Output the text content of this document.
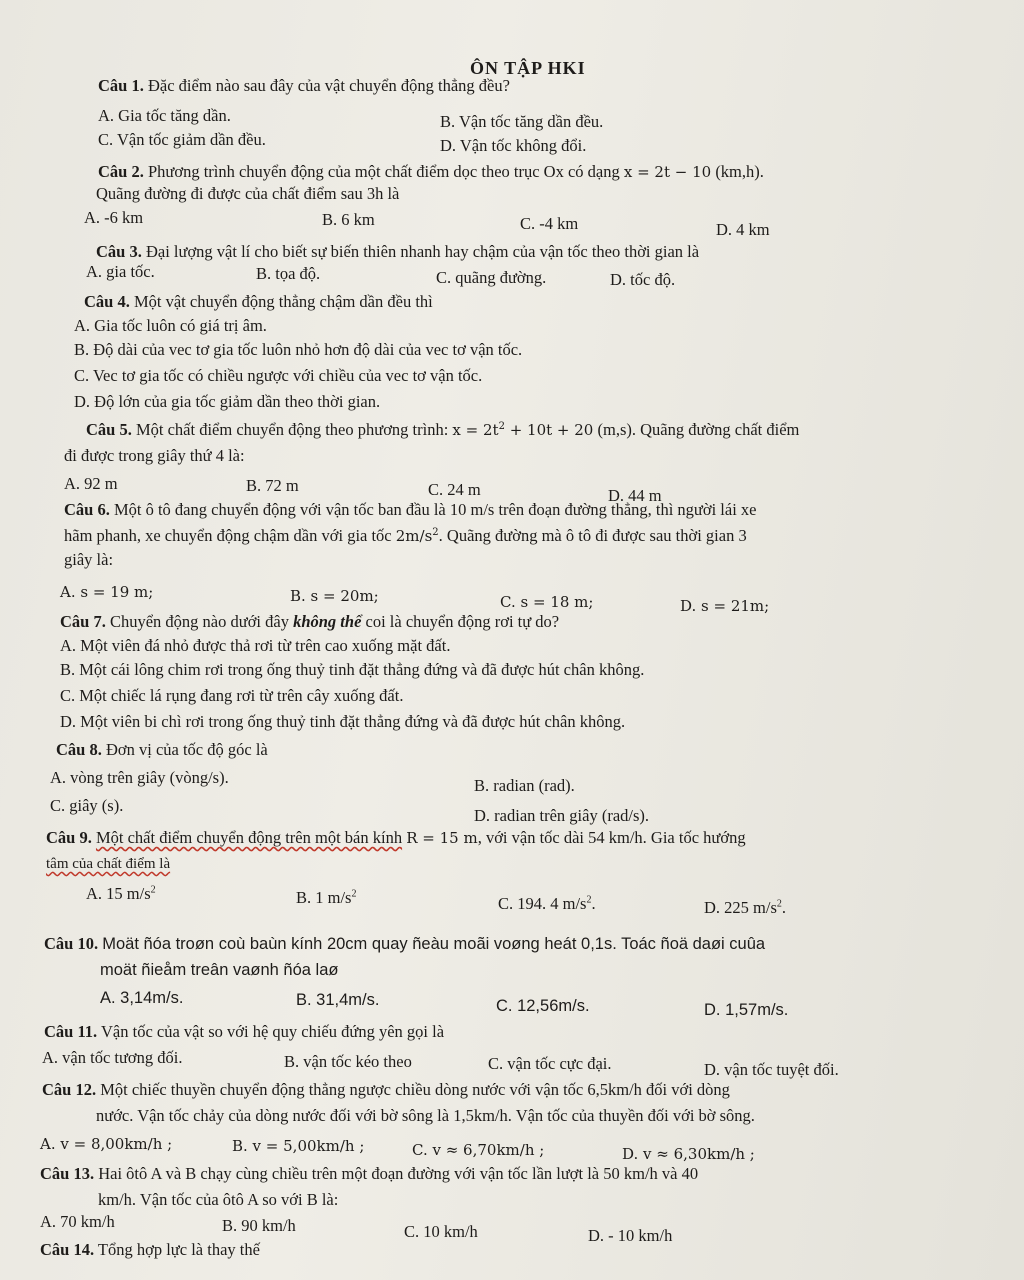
ÔN TẬP HKI
Câu 1. Đặc điểm nào sau đây của vật chuyển động thẳng đều?
A. Gia tốc tăng dần.	B. Vận tốc tăng dần đều.
C. Vận tốc giảm dần đều.	D. Vận tốc không đổi.
Câu 2. Phương trình chuyển động của một chất điểm dọc theo trục Ox có dạng x = 2t − 10 (km,h).
Quãng đường đi được của chất điểm sau 3h là
A. -6 km	B. 6 km	C. -4 km	D. 4 km
Câu 3. Đại lượng vật lí cho biết sự biến thiên nhanh hay chậm của vận tốc theo thời gian là
A. gia tốc.	B. tọa độ.	C. quãng đường.	D. tốc độ.
Câu 4. Một vật chuyển động thẳng chậm dần đều thì
A. Gia tốc luôn có giá trị âm.
B. Độ dài của vec tơ gia tốc luôn nhỏ hơn độ dài của vec tơ vận tốc.
C. Vec tơ gia tốc có chiều ngược với chiều của vec tơ vận tốc.
D. Độ lớn của gia tốc giảm dần theo thời gian.
Câu 5. Một chất điểm chuyển động theo phương trình: $x = 2t^2 + 10t + 20$ (m,s). Quãng đường chất điểm
đi được trong giây thứ 4 là:
A. 92 m	B. 72 m	C. 24 m	D. 44 m
Câu 6. Một ô tô đang chuyển động với vận tốc ban đầu là 10 m/s trên đoạn đường thẳng, thì người lái xe
hãm phanh, xe chuyển động chậm dần với gia tốc $2m/s^2$. Quãng đường mà ô tô đi được sau thời gian 3
giây là:
A. s = 19 m;	B. s = 20m;	C. s = 18 m;	D. s = 21m;
Câu 7. Chuyển động nào dưới đây không thể coi là chuyển động rơi tự do?
A. Một viên đá nhỏ được thả rơi từ trên cao xuống mặt đất.
B. Một cái lông chim rơi trong ống thuỷ tinh đặt thẳng đứng và đã được hút chân không.
C. Một chiếc lá rụng đang rơi từ trên cây xuống đất.
D. Một viên bi chì rơi trong ống thuỷ tinh đặt thẳng đứng và đã được hút chân không.
Câu 8. Đơn vị của tốc độ góc là
A. vòng trên giây (vòng/s).	B. radian (rad).
C. giây (s).
D. radian trên giây (rad/s).
Câu 9. Một chất điểm chuyển động trên một bán kính R = 15 m, với vận tốc dài 54 km/h. Gia tốc hướng
tâm của chất điểm là
A. 15 $m/s^2$	B. 1 $m/s^2$	C. 194. 4 $m/s^2$.	D. 225 $m/s^2$.
Câu 10. Moät ñóa troøn coù baùn kính 20cm quay ñeàu moãi voøng heát 0,1s. Toác ñoä daøi cuûa
moät ñieåm treân vaønh ñóa laø
A. 3,14m/s.	B. 31,4m/s.	C. 12,56m/s.	D. 1,57m/s.
Câu 11. Vận tốc của vật so với hệ quy chiếu đứng yên gọi là
A. vận tốc tương đối.	B. vận tốc kéo theo	C. vận tốc cực đại.	D. vận tốc tuyệt đối.
Câu 12. Một chiếc thuyền chuyển động thẳng ngược chiều dòng nước với vận tốc 6,5km/h đối với dòng
nước. Vận tốc chảy của dòng nước đối với bờ sông là 1,5km/h. Vận tốc của thuyền đối với bờ sông.
A. v = 8,00km/h ;	B. v = 5,00km/h ;	C. v ≈ 6,70km/h ;	D. v ≈ 6,30km/h ;
Câu 13. Hai ôtô A và B chạy cùng chiều trên một đoạn đường với vận tốc lần lượt là 50 km/h và 40
km/h. Vận tốc của ôtô A so với B là:
A. 70 km/h	B. 90 km/h	C. 10 km/h	D. - 10 km/h
Câu 14. Tổng hợp lực là thay thế
